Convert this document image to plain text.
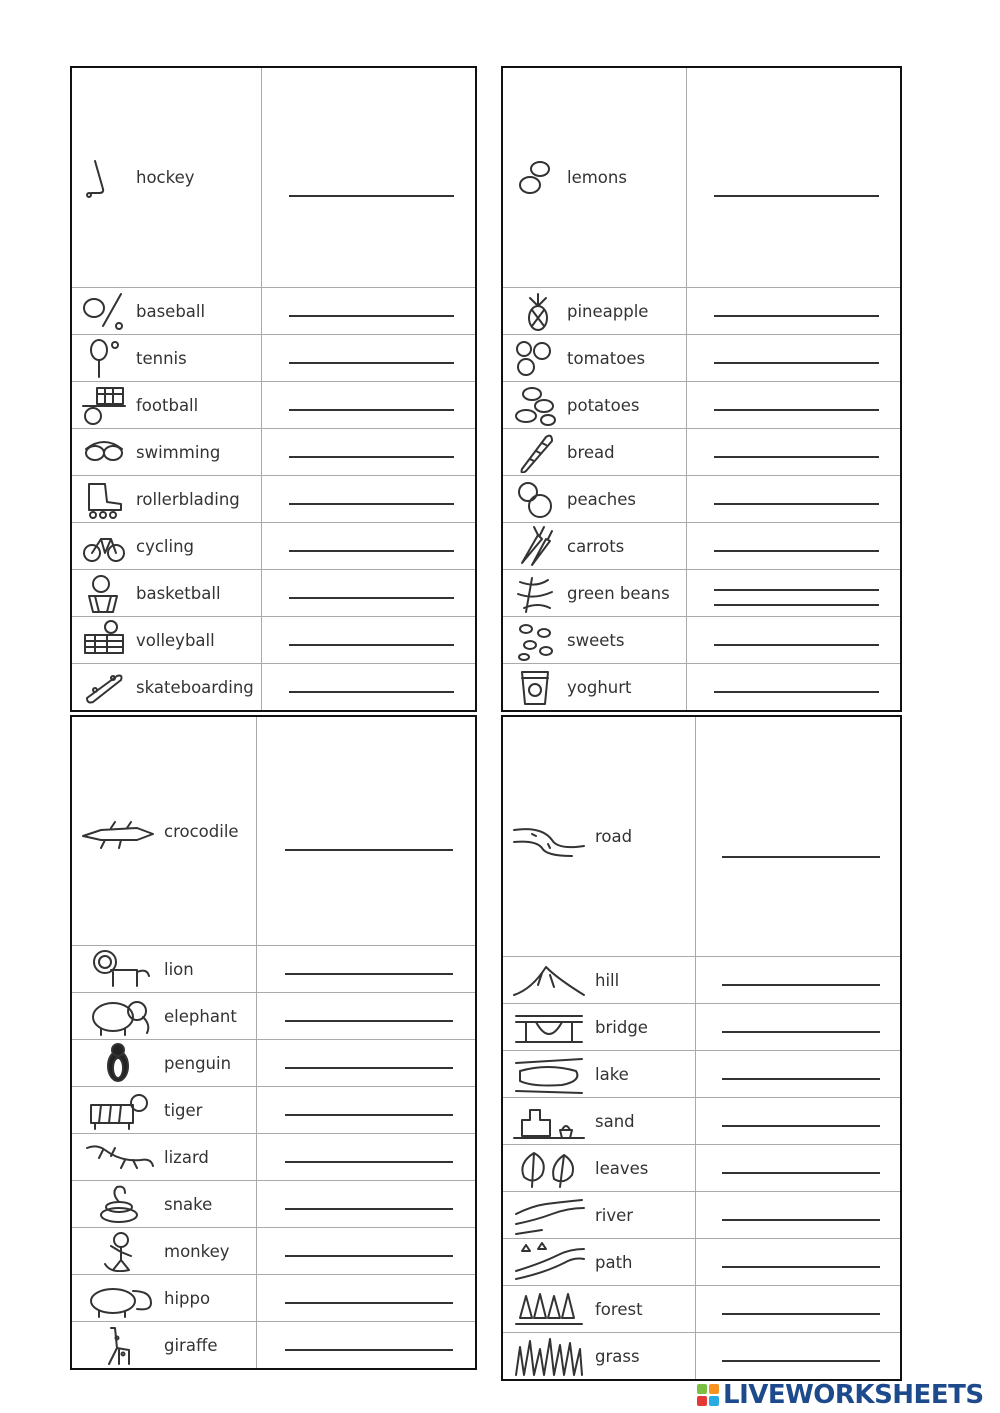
hockey	

baseball	

tennis	

football	

swimming	

rollerblading	

cycling	

basketball	

volleyball	

skateboarding	

lemons	

pineapple	

tomatoes	

potatoes	

bread	

peaches	

carrots	

green beans	

sweets	

yoghurt	

crocodile	

lion	

elephant	

penguin	

tiger	

lizard	

snake	

monkey	

hippo	

giraffe	

road	

hill	

bridge	

lake	

sand	

leaves	

river	

path	

forest	

grass	

LIVEWORKSHEETS
